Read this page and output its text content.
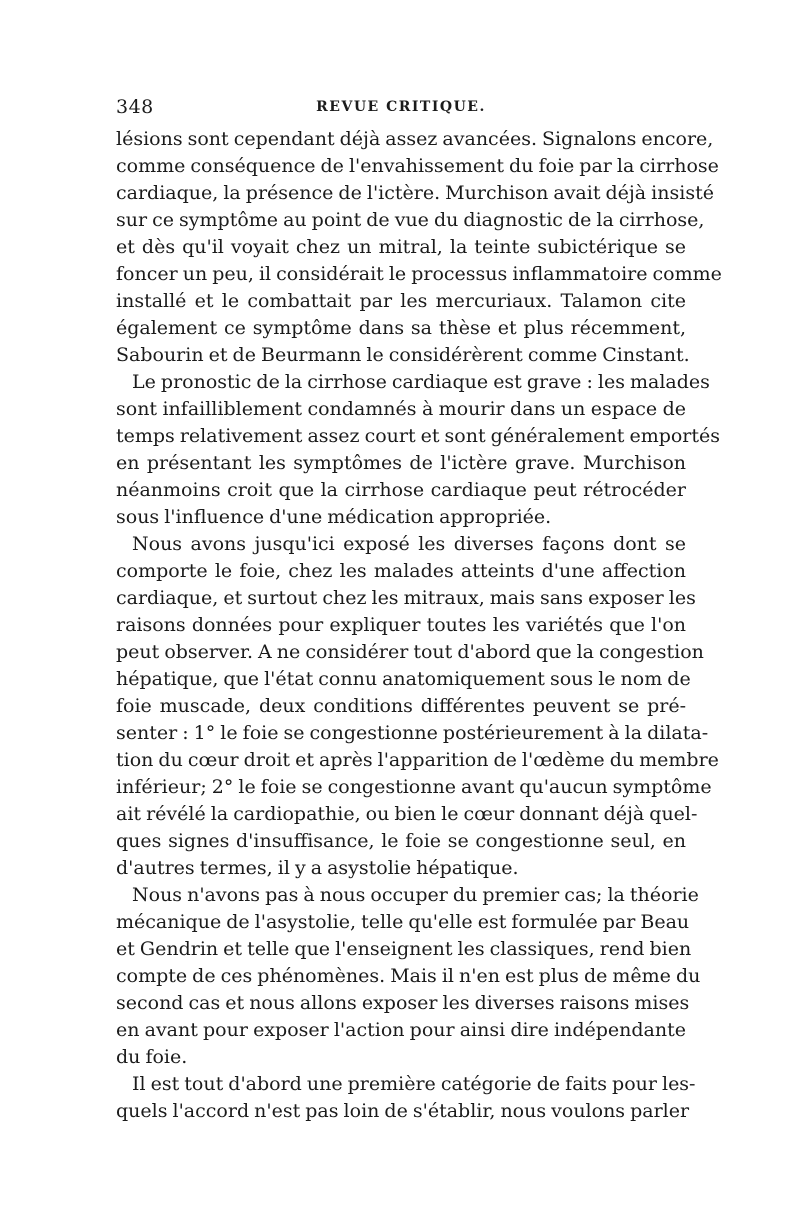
348	REVUE CRITIQUE.
lésions sont cependant déjà assez avancées. Signalons encore,
comme conséquence de l'envahissement du foie par la cirrhose
cardiaque, la présence de l'ictère. Murchison avait déjà insisté
sur ce symptôme au point de vue du diagnostic de la cirrhose,
et dès qu'il voyait chez un mitral, la teinte subictérique se
foncer un peu, il considérait le processus inflammatoire comme
installé et le combattait par les mercuriaux. Talamon cite
également ce symptôme dans sa thèse et plus récemment,
Sabourin et de Beurmann le considérèrent comme Cinstant.
Le pronostic de la cirrhose cardiaque est grave : les malades
sont infailliblement condamnés à mourir dans un espace de
temps relativement assez court et sont généralement emportés
en présentant les symptômes de l'ictère grave. Murchison
néanmoins croit que la cirrhose cardiaque peut rétrocéder
sous l'influence d'une médication appropriée.
Nous avons jusqu'ici exposé les diverses façons dont se
comporte le foie, chez les malades atteints d'une affection
cardiaque, et surtout chez les mitraux, mais sans exposer les
raisons données pour expliquer toutes les variétés que l'on
peut observer. A ne considérer tout d'abord que la congestion
hépatique, que l'état connu anatomiquement sous le nom de
foie muscade, deux conditions différentes peuvent se pré-
senter : 1° le foie se congestionne postérieurement à la dilata-
tion du cœur droit et après l'apparition de l'œdème du membre
inférieur; 2° le foie se congestionne avant qu'aucun symptôme
ait révélé la cardiopathie, ou bien le cœur donnant déjà quel-
ques signes d'insuffisance, le foie se congestionne seul, en
d'autres termes, il y a asystolie hépatique.
Nous n'avons pas à nous occuper du premier cas; la théorie
mécanique de l'asystolie, telle qu'elle est formulée par Beau
et Gendrin et telle que l'enseignent les classiques, rend bien
compte de ces phénomènes. Mais il n'en est plus de même du
second cas et nous allons exposer les diverses raisons mises
en avant pour exposer l'action pour ainsi dire indépendante
du foie.
Il est tout d'abord une première catégorie de faits pour les-
quels l'accord n'est pas loin de s'établir, nous voulons parler
